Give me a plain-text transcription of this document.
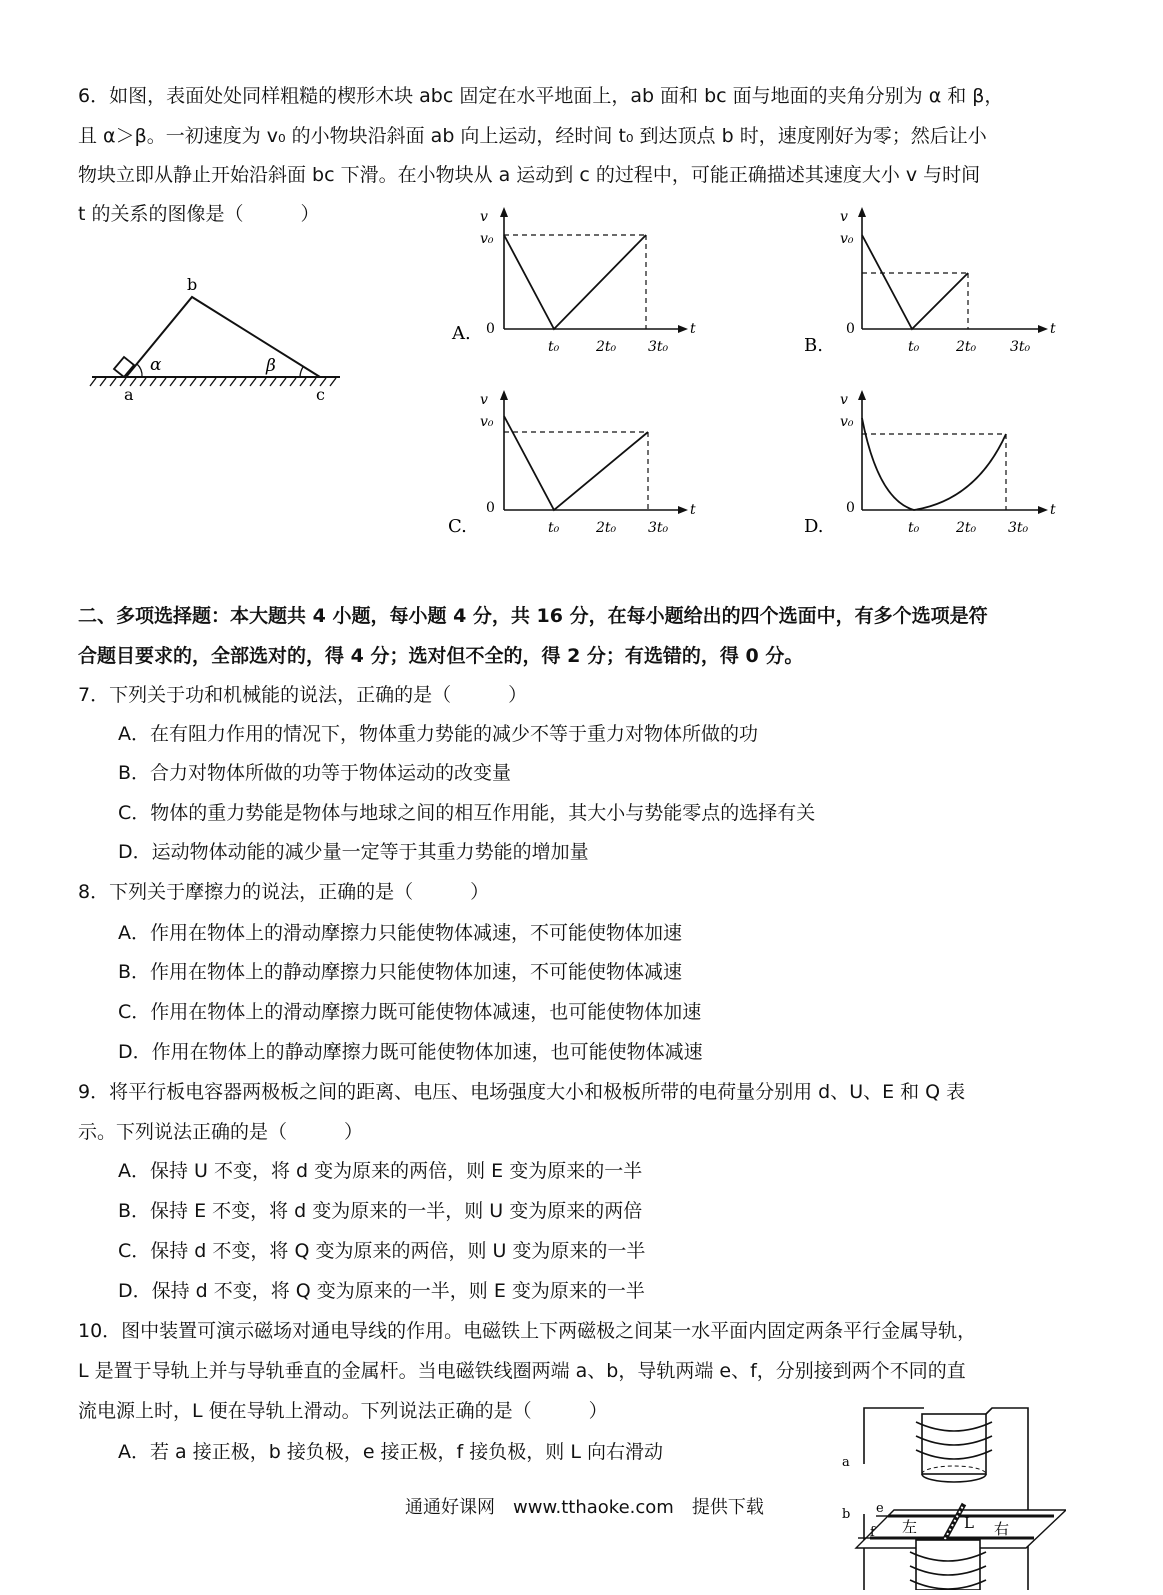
6．如图，表面处处同样粗糙的楔形木块 abc 固定在水平地面上，ab 面和 bc 面与地面的夹角分别为 α 和 β，
且 α＞β。一初速度为 v₀ 的小物块沿斜面 ab 向上运动，经时间 t₀ 到达顶点 b 时，速度刚好为零；然后让小
物块立即从静止开始沿斜面 bc 下滑。在小物块从 a 运动到 c 的过程中，可能正确描述其速度大小 v 与时间
t 的关系的图像是（　　　）
b
α	β
a	c
A.
v
v₀
0	t
t₀	2t₀ 3t₀	B.
v
v₀
0	t
t₀	2t₀ 3t₀
C.
v
v₀
0	t
t₀	2t₀ 3t₀	D.
v
v₀
0	t
t₀	2t₀ 3t₀
二、多项选择题：本大题共 4 小题，每小题 4 分，共 16 分，在每小题给出的四个选面中，有多个选项是符
合题目要求的，全部选对的，得 4 分；选对但不全的，得 2 分；有选错的，得 0 分。
7．下列关于功和机械能的说法，正确的是（　　　）
A．在有阻力作用的情况下，物体重力势能的减少不等于重力对物体所做的功
B．合力对物体所做的功等于物体运动的改变量
C．物体的重力势能是物体与地球之间的相互作用能，其大小与势能零点的选择有关
D．运动物体动能的减少量一定等于其重力势能的增加量
8．下列关于摩擦力的说法，正确的是（　　　）
A．作用在物体上的滑动摩擦力只能使物体减速，不可能使物体加速
B．作用在物体上的静动摩擦力只能使物体加速，不可能使物体减速
C．作用在物体上的滑动摩擦力既可能使物体减速，也可能使物体加速
D．作用在物体上的静动摩擦力既可能使物体加速，也可能使物体减速
9．将平行板电容器两极板之间的距离、电压、电场强度大小和极板所带的电荷量分别用 d、U、E 和 Q 表
示。下列说法正确的是（　　　）
A．保持 U 不变，将 d 变为原来的两倍，则 E 变为原来的一半
B．保持 E 不变，将 d 变为原来的一半，则 U 变为原来的两倍
C．保持 d 不变，将 Q 变为原来的两倍，则 U 变为原来的一半
D．保持 d 不变，将 Q 变为原来的一半，则 E 变为原来的一半
10．图中装置可演示磁场对通电导线的作用。电磁铁上下两磁极之间某一水平面内固定两条平行金属导轨，
L 是置于导轨上并与导轨垂直的金属杆。当电磁铁线圈两端 a、b，导轨两端 e、f，分别接到两个不同的直
流电源上时，L 便在导轨上滑动。下列说法正确的是（　　　）
A．若 a 接正极，b 接负极，e 接正极，f 接负极，则 L 向右滑动	a
b e
f 左	L 右
通通好课网　www.tthaoke.com　提供下载
